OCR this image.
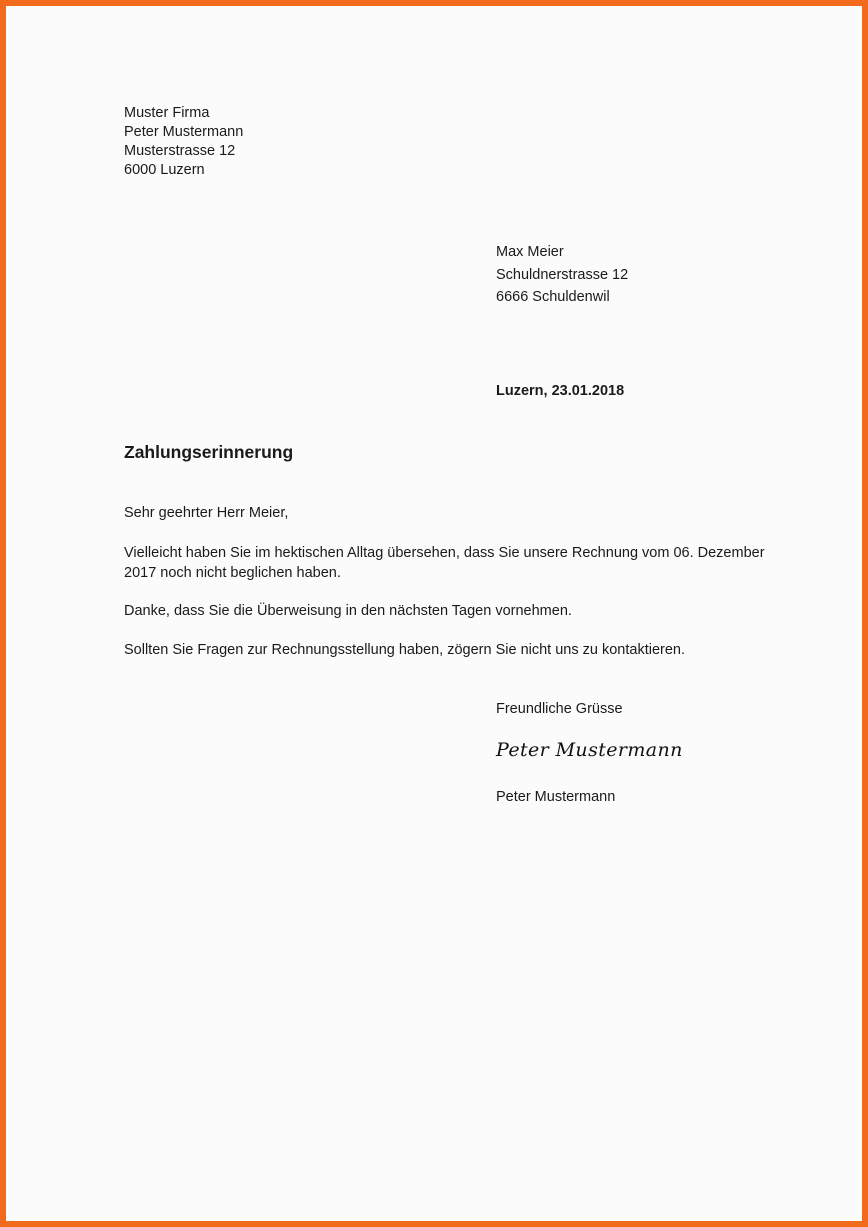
Muster Firma
Peter Mustermann
Musterstrasse 12
6000 Luzern
Max Meier
Schuldnerstrasse 12
6666 Schuldenwil
Luzern, 23.01.2018
Zahlungserinnerung
Sehr geehrter Herr Meier,
Vielleicht haben Sie im hektischen Alltag übersehen, dass Sie unsere Rechnung vom 06. Dezember
2017 noch nicht beglichen haben.
Danke, dass Sie die Überweisung in den nächsten Tagen vornehmen.
Sollten Sie Fragen zur Rechnungsstellung haben, zögern Sie nicht uns zu kontaktieren.
Freundliche Grüsse
Peter Mustermann
Peter Mustermann
